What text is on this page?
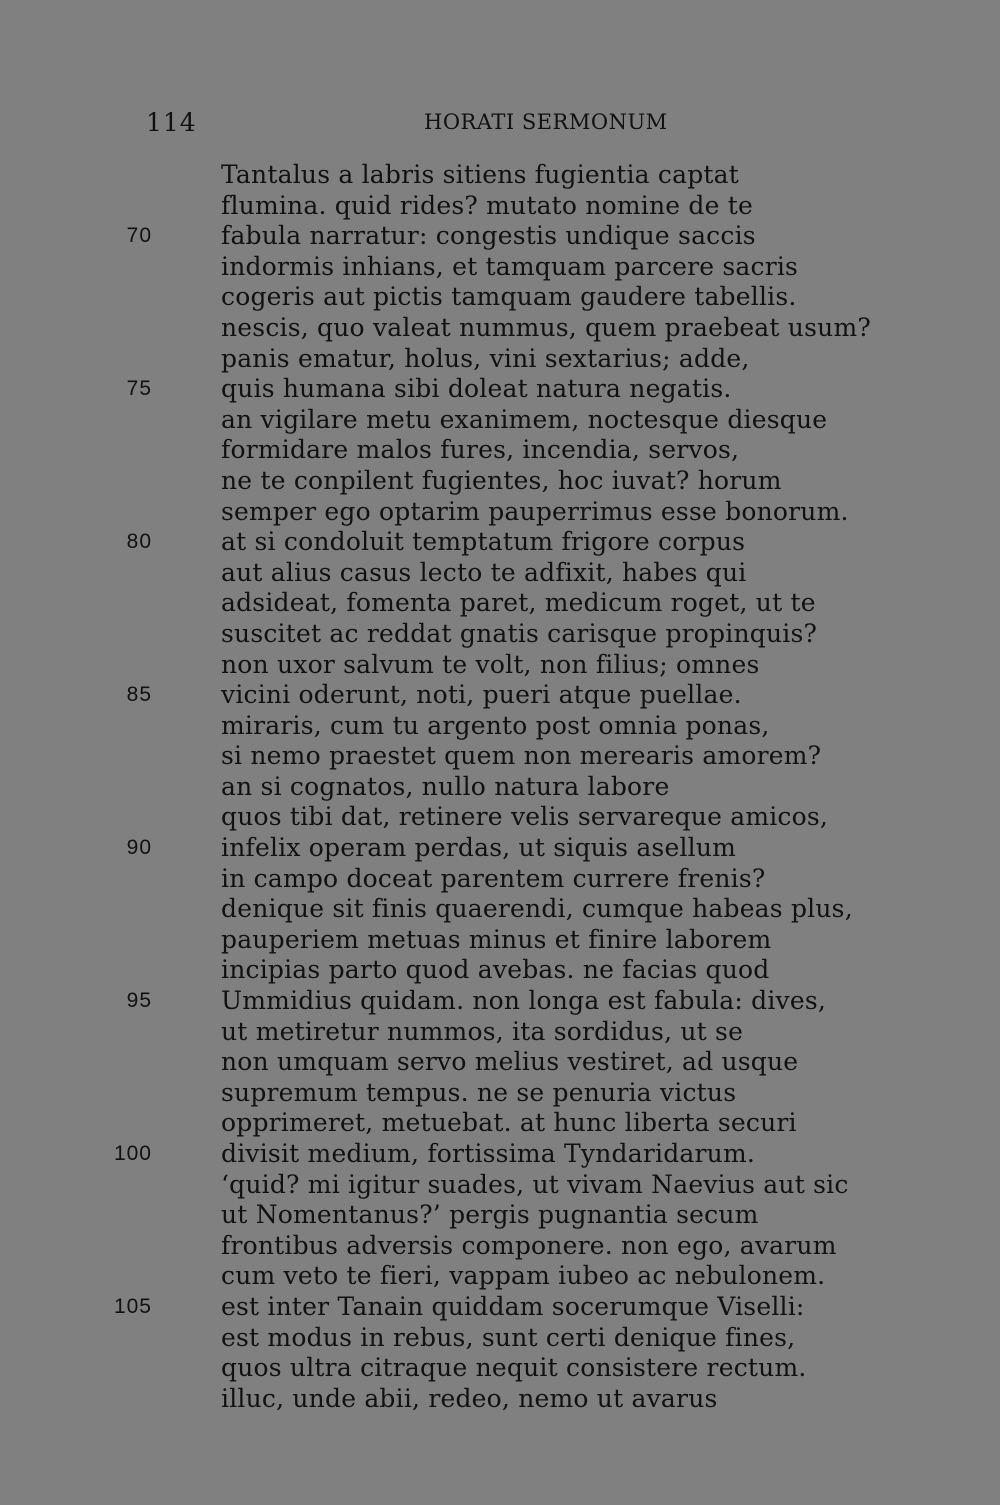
114	HORATI SERMONUM
Tantalus a labris sitiens fugientia captat
flumina. quid rides? mutato nomine de te
70	fabula narratur: congestis undique saccis
indormis inhians, et tamquam parcere sacris
cogeris aut pictis tamquam gaudere tabellis.
nescis, quo valeat nummus, quem praebeat usum?
panis ematur, holus, vini sextarius; adde,
75	quis humana sibi doleat natura negatis.
an vigilare metu exanimem, noctesque diesque
formidare malos fures, incendia, servos,
ne te conpilent fugientes, hoc iuvat? horum
semper ego optarim pauperrimus esse bonorum.
80	at si condoluit temptatum frigore corpus
aut alius casus lecto te adfixit, habes qui
adsideat, fomenta paret, medicum roget, ut te
suscitet ac reddat gnatis carisque propinquis?
non uxor salvum te volt, non filius; omnes
85	vicini oderunt, noti, pueri atque puellae.
miraris, cum tu argento post omnia ponas,
si nemo praestet quem non merearis amorem?
an si cognatos, nullo natura labore
quos tibi dat, retinere velis servareque amicos,
90	infelix operam perdas, ut siquis asellum
in campo doceat parentem currere frenis?
denique sit finis quaerendi, cumque habeas plus,
pauperiem metuas minus et finire laborem
incipias parto quod avebas. ne facias quod
95	Ummidius quidam. non longa est fabula: dives,
ut metiretur nummos, ita sordidus, ut se
non umquam servo melius vestiret, ad usque
supremum tempus. ne se penuria victus
opprimeret, metuebat. at hunc liberta securi
100	divisit medium, fortissima Tyndaridarum.
‘quid? mi igitur suades, ut vivam Naevius aut sic
ut Nomentanus?’ pergis pugnantia secum
frontibus adversis componere. non ego, avarum
cum veto te fieri, vappam iubeo ac nebulonem.
105	est inter Tanain quiddam socerumque Viselli:
est modus in rebus, sunt certi denique fines,
quos ultra citraque nequit consistere rectum.
illuc, unde abii, redeo, nemo ut avarus
